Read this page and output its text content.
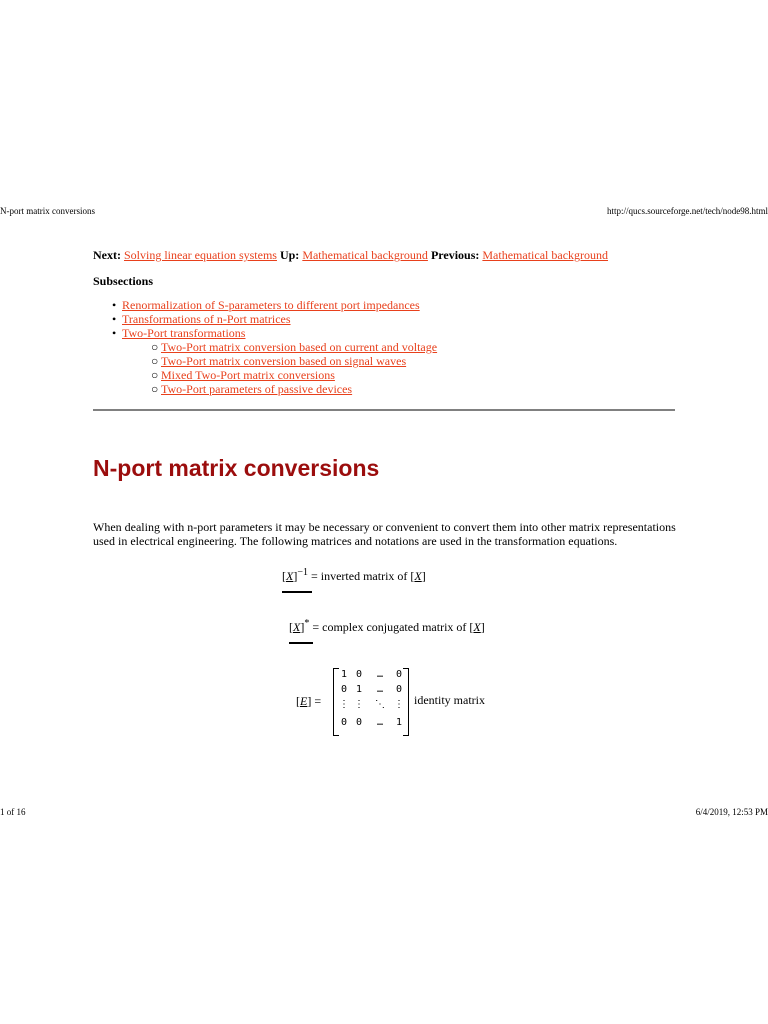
N-port matrix conversions	http://qucs.sourceforge.net/tech/node98.html
Next: Solving linear equation systems Up: Mathematical background Previous: Mathematical background
Subsections
• Renormalization of S-parameters to different port impedances
• Transformations of n-Port matrices
• Two-Port transformations
○ Two-Port matrix conversion based on current and voltage
○ Two-Port matrix conversion based on signal waves
○ Mixed Two-Port matrix conversions
○ Two-Port parameters of passive devices
N-port matrix conversions
When dealing with n-port parameters it may be necessary or convenient to convert them into other matrix representations used in electrical engineering. The following matrices and notations are used in the transformation equations.
$[X]^{-1}$ = inverted matrix of [X]
[X]* = complex conjugated matrix of [X]
[E] =
1 0	…	0
0 1	…	0
⋮ ⋮ ⋱ ⋮
0 0	…	1
identity matrix
1 of 16	6/4/2019, 12:53 PM
